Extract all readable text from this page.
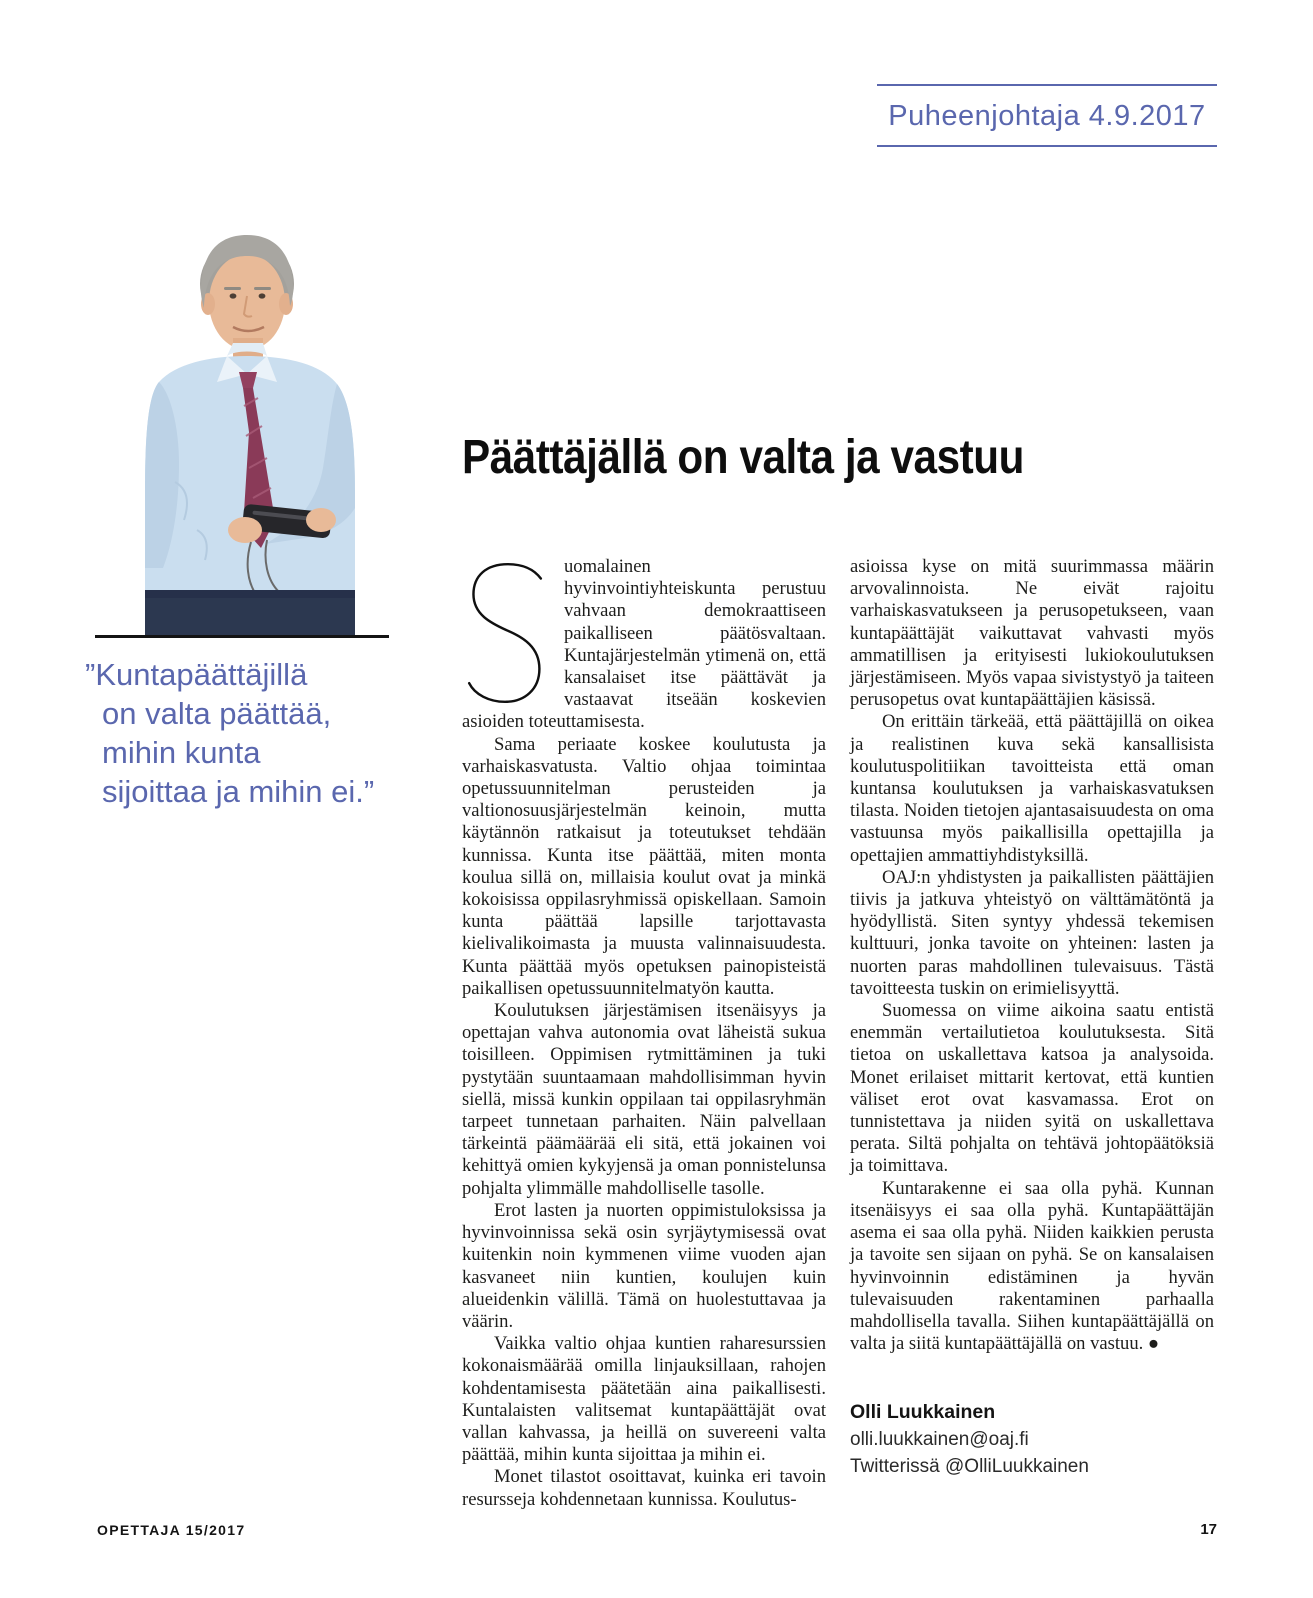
Puheenjohtaja 4.9.2017
”Kuntapäättäjillä
on valta päättää,
mihin kunta
sijoittaa ja mihin ei.”
Päättäjällä on valta ja vastuu

uomalainen hyvinvointiyhteiskunta perustuu vahvaan demokraattiseen paikalliseen päätösvaltaan. Kuntajärjestelmän ytimenä on, että kansalaiset itse päättävät ja vastaavat itseään koskevien asioiden toteuttamisesta.

Sama periaate koskee koulutusta ja varhaiskasvatusta. Valtio ohjaa toimintaa opetussuunnitelman perusteiden ja valtionosuusjärjestelmän keinoin, mutta käytännön ratkaisut ja toteutukset tehdään kunnissa. Kunta itse päättää, miten monta koulua sillä on, millaisia koulut ovat ja minkä kokoisissa oppilasryhmissä opiskellaan. Samoin kunta päättää lapsille tarjottavasta kielivalikoimasta ja muusta valinnaisuudesta. Kunta päättää myös opetuksen painopisteistä paikallisen opetussuunnitelmatyön kautta.

Koulutuksen järjestämisen itsenäisyys ja opettajan vahva autonomia ovat läheistä sukua toisilleen. Oppimisen rytmittäminen ja tuki pystytään suuntaamaan mahdollisimman hyvin siellä, missä kunkin oppilaan tai oppilasryhmän tarpeet tunnetaan parhaiten. Näin palvellaan tärkeintä päämäärää eli sitä, että jokainen voi kehittyä omien kykyjensä ja oman ponnistelunsa pohjalta ylimmälle mahdolliselle tasolle.

Erot lasten ja nuorten oppimistuloksissa ja hyvinvoinnissa sekä osin syrjäytymisessä ovat kuitenkin noin kymmenen viime vuoden ajan kasvaneet niin kuntien, koulujen kuin alueidenkin välillä. Tämä on huolestuttavaa ja väärin.

Vaikka valtio ohjaa kuntien raharesurssien kokonaismäärää omilla linjauksillaan, rahojen kohdentamisesta päätetään aina paikallisesti. Kuntalaisten valitsemat kuntapäättäjät ovat vallan kahvassa, ja heillä on suvereeni valta päättää, mihin kunta sijoittaa ja mihin ei.

Monet tilastot osoittavat, kuinka eri tavoin resursseja kohdennetaan kunnissa. Koulutus-

asioissa kyse on mitä suurimmassa määrin arvovalinnoista. Ne eivät rajoitu varhaiskasvatukseen ja perusopetukseen, vaan kuntapäättäjät vaikuttavat vahvasti myös ammatillisen ja erityisesti lukiokoulutuksen järjestämiseen. Myös vapaa sivistystyö ja taiteen perusopetus ovat kuntapäättäjien käsissä.

On erittäin tärkeää, että päättäjillä on oikea ja realistinen kuva sekä kansallisista koulutuspolitiikan tavoitteista että oman kuntansa koulutuksen ja varhaiskasvatuksen tilasta. Noiden tietojen ajantasaisuudesta on oma vastuunsa myös paikallisilla opettajilla ja opettajien ammattiyhdistyksillä.

OAJ:n yhdistysten ja paikallisten päättäjien tiivis ja jatkuva yhteistyö on välttämätöntä ja hyödyllistä. Siten syntyy yhdessä tekemisen kulttuuri, jonka tavoite on yhteinen: lasten ja nuorten paras mahdollinen tulevaisuus. Tästä tavoitteesta tuskin on erimielisyyttä.

Suomessa on viime aikoina saatu entistä enemmän vertailutietoa koulutuksesta. Sitä tietoa on uskallettava katsoa ja analysoida. Monet erilaiset mittarit kertovat, että kuntien väliset erot ovat kasvamassa. Erot on tunnistettava ja niiden syitä on uskallettava perata. Siltä pohjalta on tehtävä johtopäätöksiä ja toimittava.

Kuntarakenne ei saa olla pyhä. Kunnan itsenäisyys ei saa olla pyhä. Kuntapäättäjän asema ei saa olla pyhä. Niiden kaikkien perusta ja tavoite sen sijaan on pyhä. Se on kansalaisen hyvinvoinnin edistäminen ja hyvän tulevaisuuden rakentaminen parhaalla mahdollisella tavalla. Siihen kuntapäättäjällä on valta ja siitä kuntapäättäjällä on vastuu. ●

Olli Luukkainen
olli.luukkainen@oaj.fi
Twitterissä @OlliLuukkainen
OPETTAJA 15/2017	17
